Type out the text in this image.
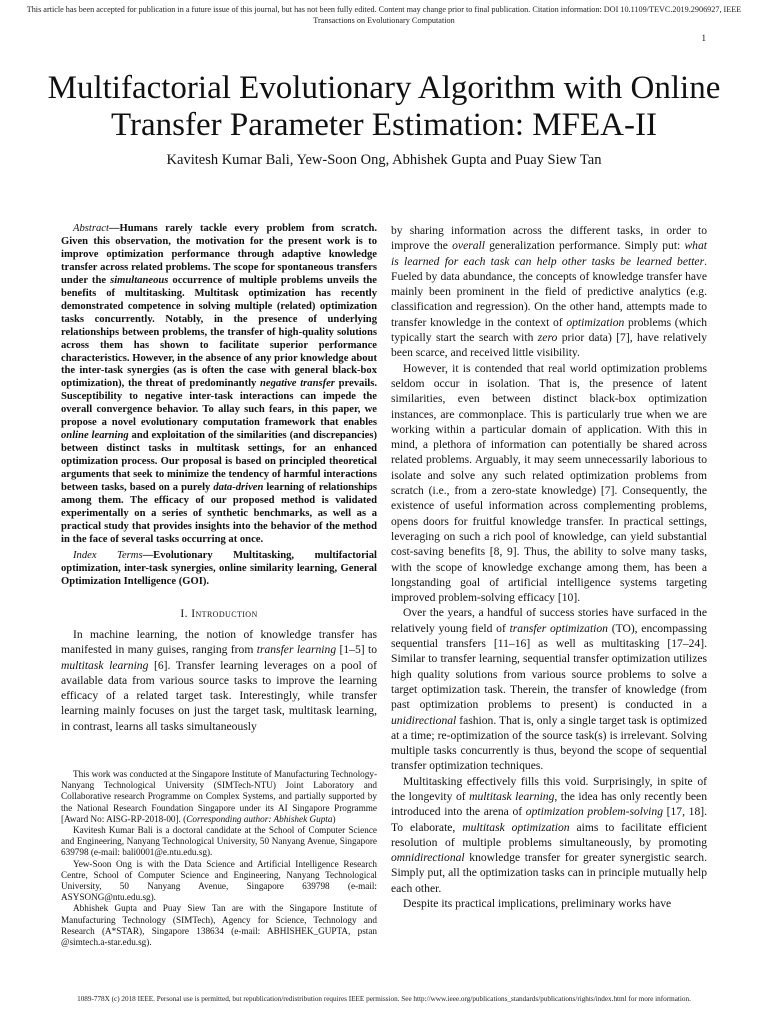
This article has been accepted for publication in a future issue of this journal, but has not been fully edited. Content may change prior to final publication. Citation information: DOI 10.1109/TEVC.2019.2906927, IEEE
Transactions on Evolutionary Computation
1
Multifactorial Evolutionary Algorithm with Online
Transfer Parameter Estimation: MFEA-II
Kavitesh Kumar Bali, Yew-Soon Ong, Abhishek Gupta and Puay Siew Tan

Abstract—Humans rarely tackle every problem from scratch. Given this observation, the motivation for the present work is to improve optimization performance through adaptive knowledge transfer across related problems. The scope for spontaneous transfers under the simultaneous occurrence of multiple problems unveils the benefits of multitasking. Multitask optimization has recently demonstrated competence in solving multiple (related) optimization tasks concurrently. Notably, in the presence of underlying relationships between problems, the transfer of high-quality solutions across them has shown to facilitate superior performance characteristics. However, in the absence of any prior knowledge about the inter-task synergies (as is often the case with general black-box optimization), the threat of predominantly negative transfer prevails. Susceptibility to negative inter-task interactions can impede the overall convergence behavior. To allay such fears, in this paper, we propose a novel evolutionary computation framework that enables online learning and exploitation of the similarities (and discrepancies) between distinct tasks in multitask settings, for an enhanced optimization process. Our proposal is based on principled theoretical arguments that seek to minimize the tendency of harmful interactions between tasks, based on a purely data-driven learning of relationships among them. The efficacy of our proposed method is validated experimentally on a series of synthetic benchmarks, as well as a practical study that provides insights into the behavior of the method in the face of several tasks occurring at once.

Index Terms—Evolutionary Multitasking, multifactorial optimization, inter-task synergies, online similarity learning, General Optimization Intelligence (GOI).

I. Introduction

In machine learning, the notion of knowledge transfer has manifested in many guises, ranging from transfer learning [1–5] to multitask learning [6]. Transfer learning leverages on a pool of available data from various source tasks to improve the learning efficacy of a related target task. Interestingly, while transfer learning mainly focuses on just the target task, multitask learning, in contrast, learns all tasks simultaneously

This work was conducted at the Singapore Institute of Manufacturing Technology-Nanyang Technological University (SIMTech-NTU) Joint Laboratory and Collaborative research Programme on Complex Systems, and partially supported by the National Research Foundation Singapore under its AI Singapore Programme [Award No: AISG-RP-2018-00]. (Corresponding author: Abhishek Gupta)

Kavitesh Kumar Bali is a doctoral candidate at the School of Computer Science and Engineering, Nanyang Technological University, 50 Nanyang Avenue, Singapore 639798 (e-mail: bali0001@e.ntu.edu.sg).

Yew-Soon Ong is with the Data Science and Artificial Intelligence Research Centre, School of Computer Science and Engineering, Nanyang Technological University, 50 Nanyang Avenue, Singapore 639798 (e-mail: ASYSONG@ntu.edu.sg).

Abhishek Gupta and Puay Siew Tan are with the Singapore Institute of Manufacturing Technology (SIMTech), Agency for Science, Technology and Research (A*STAR), Singapore 138634 (e-mail: ABHISHEK_GUPTA, pstan @simtech.a-star.edu.sg).

by sharing information across the different tasks, in order to improve the overall generalization performance. Simply put: what is learned for each task can help other tasks be learned better. Fueled by data abundance, the concepts of knowledge transfer have mainly been prominent in the field of predictive analytics (e.g. classification and regression). On the other hand, attempts made to transfer knowledge in the context of optimization problems (which typically start the search with zero prior data) [7], have relatively been scarce, and received little visibility.

However, it is contended that real world optimization problems seldom occur in isolation. That is, the presence of latent similarities, even between distinct black-box optimization instances, are commonplace. This is particularly true when we are working within a particular domain of application. With this in mind, a plethora of information can potentially be shared across related problems. Arguably, it may seem unnecessarily laborious to isolate and solve any such related optimization problems from scratch (i.e., from a zero-state knowledge) [7]. Consequently, the existence of useful information across complementing problems, opens doors for fruitful knowledge transfer. In practical settings, leveraging on such a rich pool of knowledge, can yield substantial cost-saving benefits [8, 9]. Thus, the ability to solve many tasks, with the scope of knowledge exchange among them, has been a longstanding goal of artificial intelligence systems targeting improved problem-solving efficacy [10].

Over the years, a handful of success stories have surfaced in the relatively young field of transfer optimization (TO), encompassing sequential transfers [11–16] as well as multitasking [17–24]. Similar to transfer learning, sequential transfer optimization utilizes high quality solutions from various source problems to solve a target optimization task. Therein, the transfer of knowledge (from past optimization problems to present) is conducted in a unidirectional fashion. That is, only a single target task is optimized at a time; re-optimization of the source task(s) is irrelevant. Solving multiple tasks concurrently is thus, beyond the scope of sequential transfer optimization techniques.

Multitasking effectively fills this void. Surprisingly, in spite of the longevity of multitask learning, the idea has only recently been introduced into the arena of optimization problem-solving [17, 18]. To elaborate, multitask optimization aims to facilitate efficient resolution of multiple problems simultaneously, by promoting omnidirectional knowledge transfer for greater synergistic search. Simply put, all the optimization tasks can in principle mutually help each other.

Despite its practical implications, preliminary works have

1089-778X (c) 2018 IEEE. Personal use is permitted, but republication/redistribution requires IEEE permission. See http://www.ieee.org/publications_standards/publications/rights/index.html for more information.
